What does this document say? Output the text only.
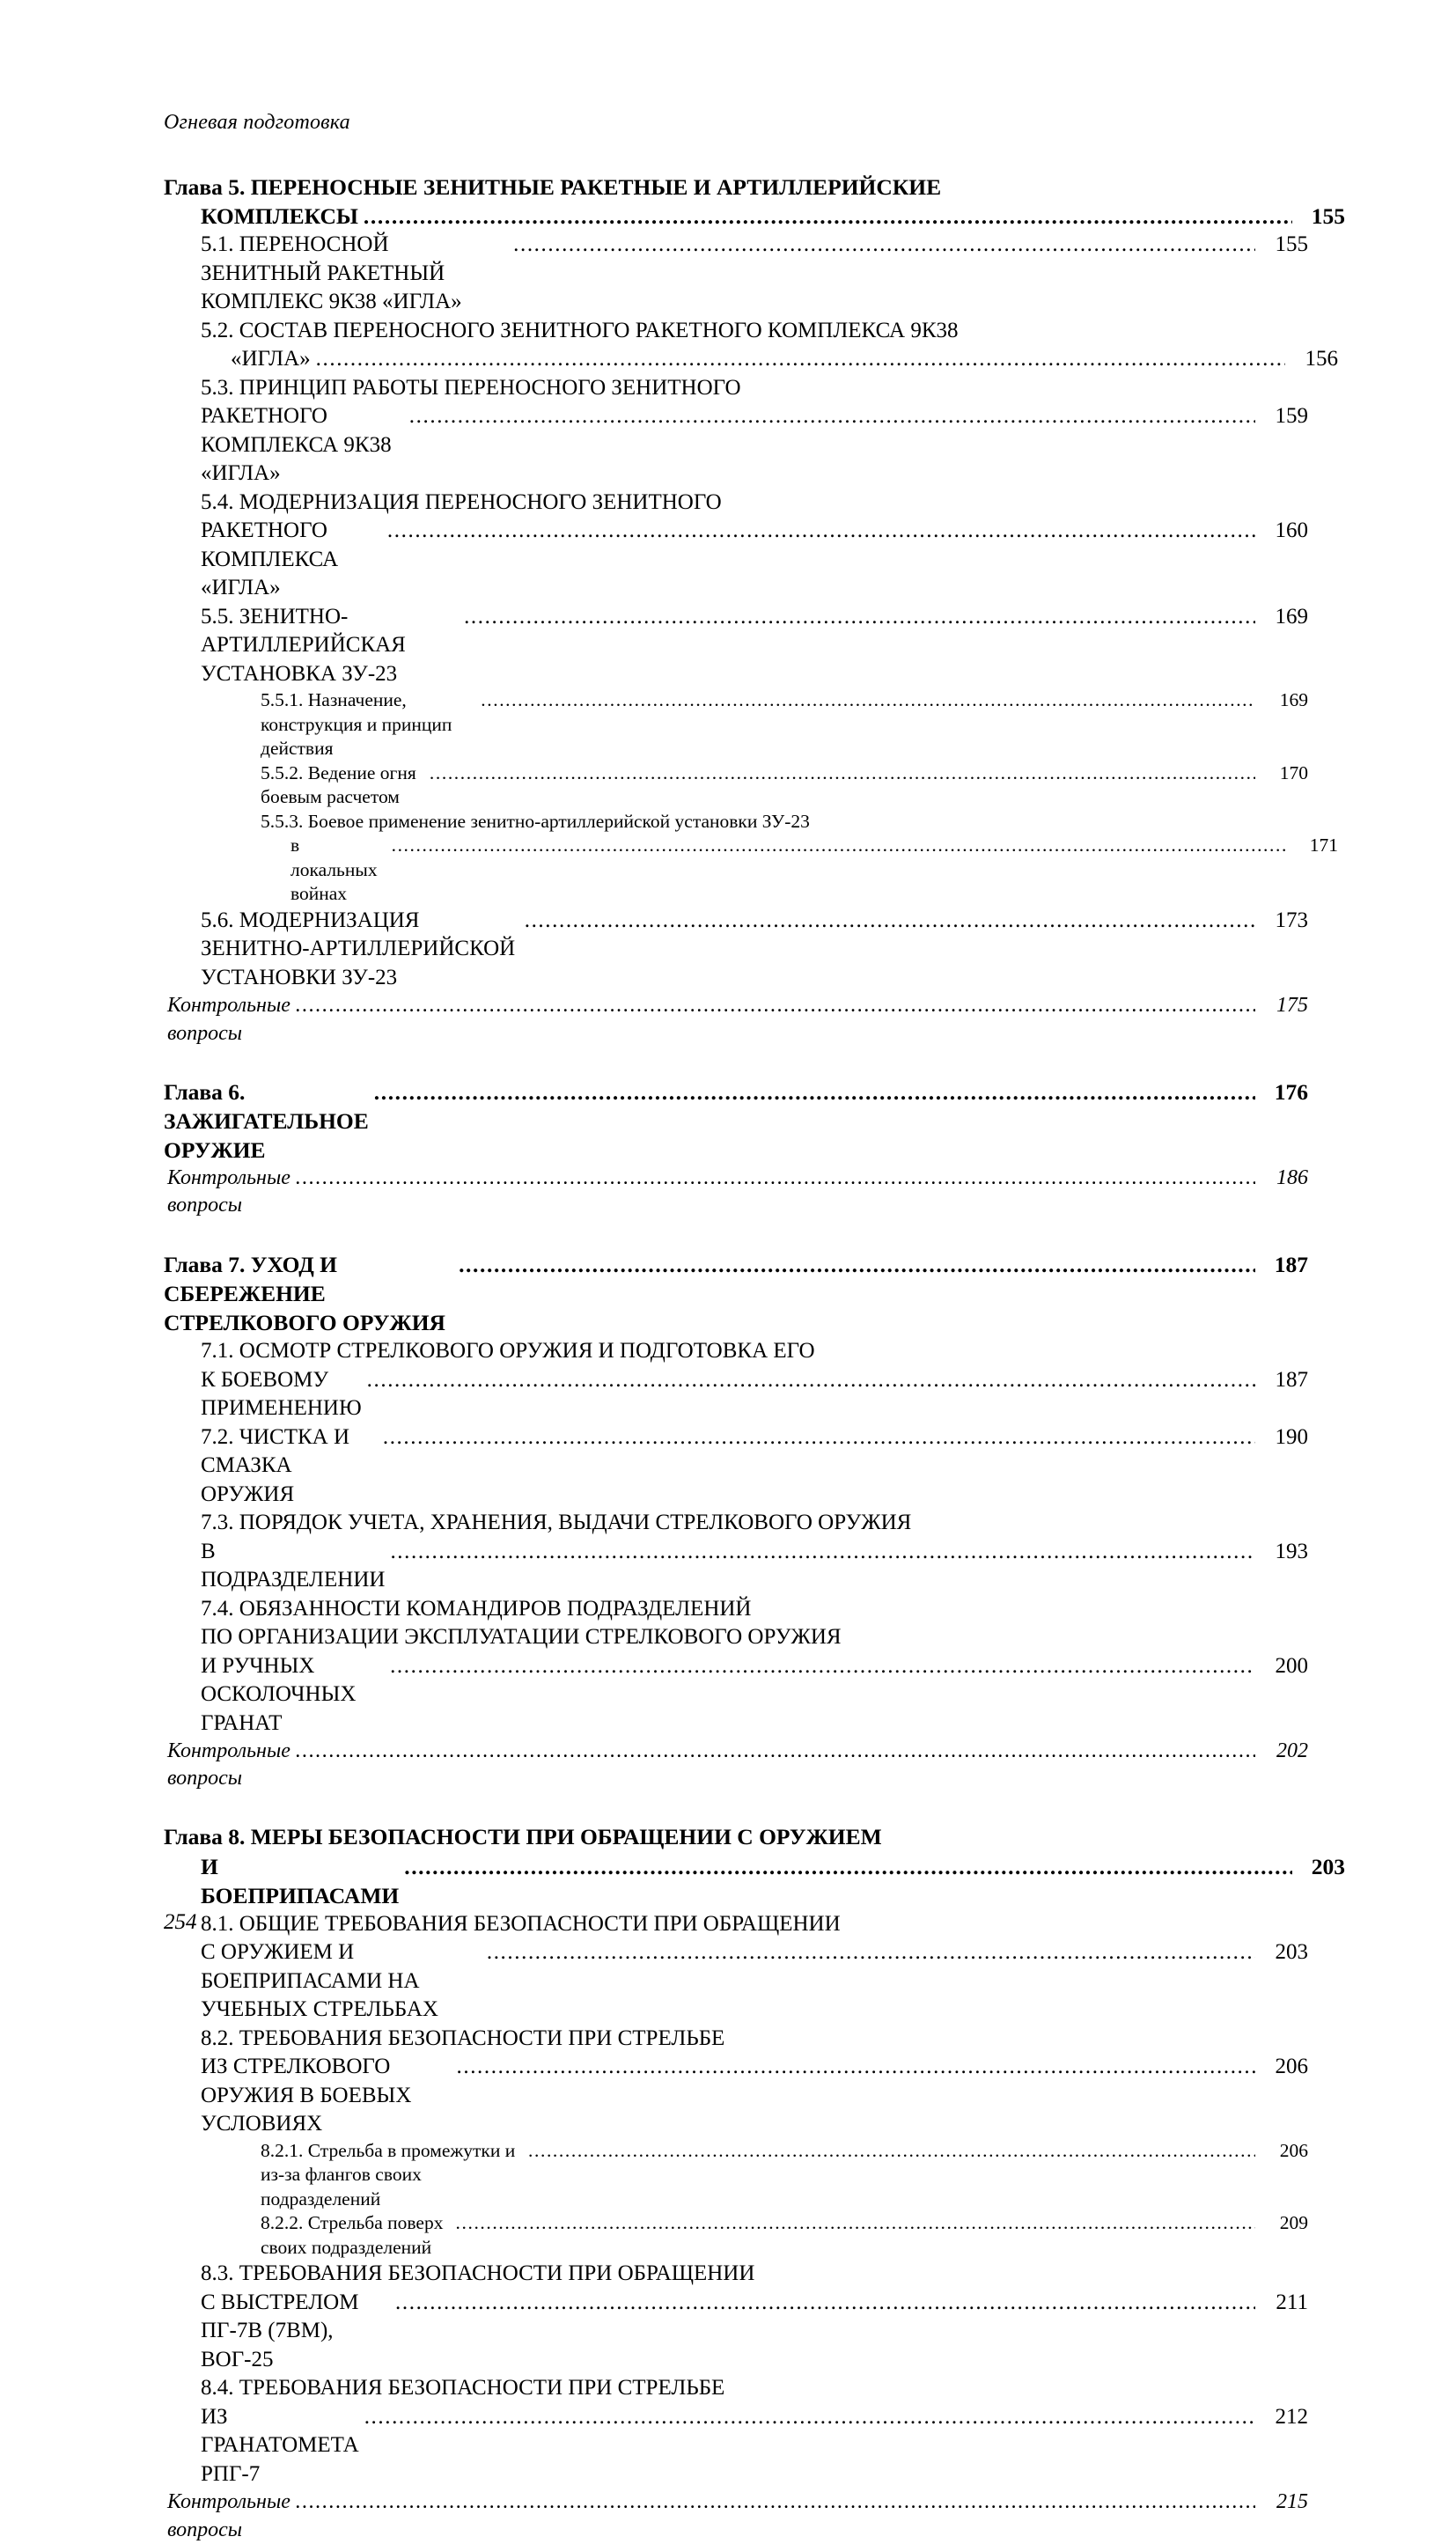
Огневая подготовка
Глава 5. ПЕРЕНОСНЫЕ ЗЕНИТНЫЕ РАКЕТНЫЕ И АРТИЛЛЕРИЙСКИЕ
КОМПЛЕКСЫ .....	155
5.1. ПЕРЕНОСНОЙ ЗЕНИТНЫЙ РАКЕТНЫЙ КОМПЛЕКС 9К38 «ИГЛА»
.....
155
5.2. СОСТАВ ПЕРЕНОСНОГО ЗЕНИТНОГО РАКЕТНОГО КОМПЛЕКСА 9К38
«ИГЛА» .....	156
5.3. ПРИНЦИП РАБОТЫ ПЕРЕНОСНОГО ЗЕНИТНОГО
РАКЕТНОГО КОМПЛЕКСА 9К38 «ИГЛА»
.....
159
5.4. МОДЕРНИЗАЦИЯ ПЕРЕНОСНОГО ЗЕНИТНОГО
РАКЕТНОГО КОМПЛЕКСА «ИГЛА»
.....
160
5.5. ЗЕНИТНО-АРТИЛЛЕРИЙСКАЯ УСТАНОВКА ЗУ-23
.....
169
5.5.1. Назначение, конструкция и принцип действия
.....
169
5.5.2. Ведение огня боевым расчетом
.....
170
5.5.3. Боевое применение зенитно-артиллерийской установки ЗУ-23
в локальных войнах
.....
171
5.6. МОДЕРНИЗАЦИЯ ЗЕНИТНО-АРТИЛЛЕРИЙСКОЙ УСТАНОВКИ ЗУ-23
.....
173
Контрольные вопросы
.....
175
Глава 6. ЗАЖИГАТЕЛЬНОЕ ОРУЖИЕ
.....
176
Контрольные вопросы
.....
186
Глава 7. УХОД И СБЕРЕЖЕНИЕ СТРЕЛКОВОГО ОРУЖИЯ
.....
187
7.1. ОСМОТР СТРЕЛКОВОГО ОРУЖИЯ И ПОДГОТОВКА ЕГО
К БОЕВОМУ ПРИМЕНЕНИЮ
.....
187
7.2. ЧИСТКА И СМАЗКА ОРУЖИЯ
.....
190
7.3. ПОРЯДОК УЧЕТА, ХРАНЕНИЯ, ВЫДАЧИ СТРЕЛКОВОГО ОРУЖИЯ
В ПОДРАЗДЕЛЕНИИ
.....
193
7.4. ОБЯЗАННОСТИ КОМАНДИРОВ ПОДРАЗДЕЛЕНИЙ
ПО ОРГАНИЗАЦИИ ЭКСПЛУАТАЦИИ СТРЕЛКОВОГО ОРУЖИЯ
И РУЧНЫХ ОСКОЛОЧНЫХ ГРАНАТ
.....
200
Контрольные вопросы
.....
202
Глава 8. МЕРЫ БЕЗОПАСНОСТИ ПРИ ОБРАЩЕНИИ С ОРУЖИЕМ
И БОЕПРИПАСАМИ
.....
203
8.1. ОБЩИЕ ТРЕБОВАНИЯ БЕЗОПАСНОСТИ ПРИ ОБРАЩЕНИИ
С ОРУЖИЕМ И БОЕПРИПАСАМИ НА УЧЕБНЫХ СТРЕЛЬБАХ
.....
203
8.2. ТРЕБОВАНИЯ БЕЗОПАСНОСТИ ПРИ СТРЕЛЬБЕ
ИЗ СТРЕЛКОВОГО ОРУЖИЯ В БОЕВЫХ УСЛОВИЯХ
.....
206
8.2.1. Стрельба в промежутки и из-за флангов своих подразделений
.....
206
8.2.2. Стрельба поверх своих подразделений
.....
209
8.3. ТРЕБОВАНИЯ БЕЗОПАСНОСТИ ПРИ ОБРАЩЕНИИ
С ВЫСТРЕЛОМ ПГ-7В (7ВМ), ВОГ-25
.....
211
8.4. ТРЕБОВАНИЯ БЕЗОПАСНОСТИ ПРИ СТРЕЛЬБЕ
ИЗ ГРАНАТОМЕТА РПГ-7
.....
212
Контрольные вопросы
.....
215
254
